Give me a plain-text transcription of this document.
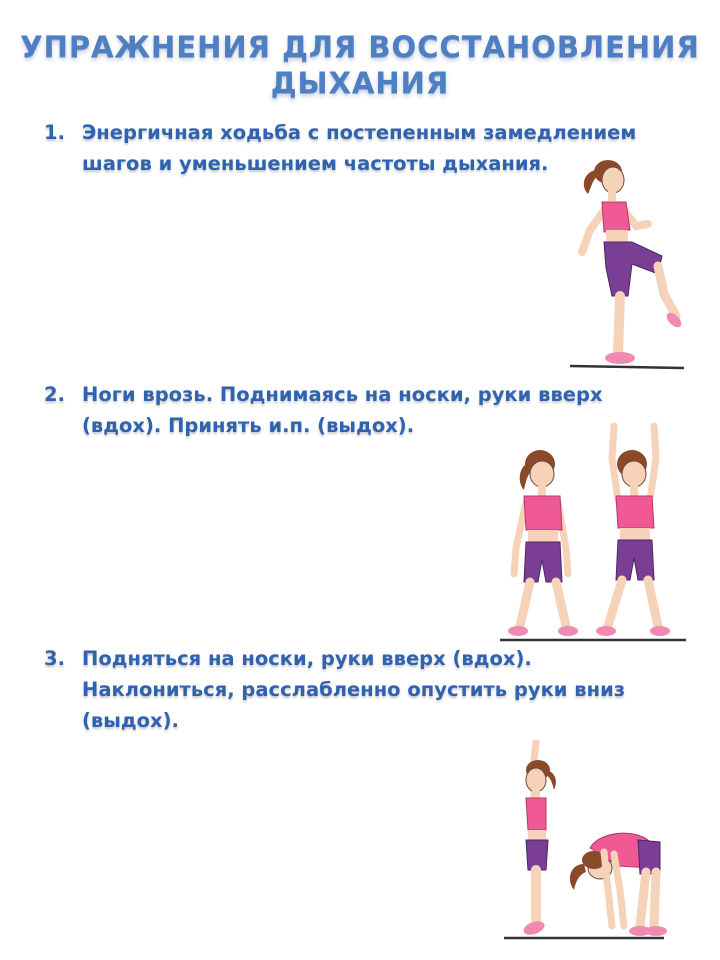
УПРАЖНЕНИЯ ДЛЯ ВОССТАНОВЛЕНИЯ
ДЫХАНИЯ
1. Энергичная ходьба с постепенным замедлением
шагов и уменьшением частоты дыхания.
2. Ноги врозь. Поднимаясь на носки, руки вверх
(вдох). Принять и.п. (выдох).
3. Подняться на носки, руки вверх (вдох).
Наклониться, расслабленно опустить руки вниз
(выдох).
